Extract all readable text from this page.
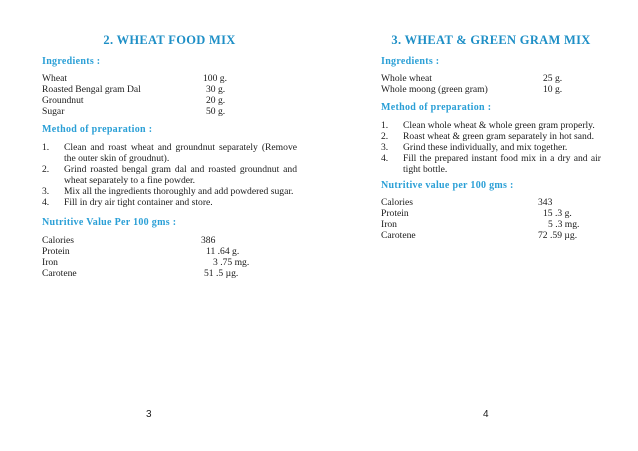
2. WHEAT FOOD MIX
Ingredients :
Wheat	100 g.
Roasted Bengal gram Dal	30 g.
Groundnut	20 g.
Sugar	50 g.
Method of preparation :
1. Clean and roast wheat and groundnut separately (Remove the outer skin of groudnut).
2. Grind roasted bengal gram dal and roasted groundnut and wheat separately to a fine powder.
3. Mix all the ingredients thoroughly and add powdered sugar.
4. Fill in dry air tight container and store.
Nutritive Value Per 100 gms :
Calories	386
Protein	11 .64 g.
Iron	3 .75 mg.
Carotene	51 .5 µg.
3
3. WHEAT & GREEN GRAM MIX
Ingredients :
Whole wheat	25 g.
Whole moong (green gram)	10 g.
Method of preparation :
1. Clean whole wheat & whole green gram properly.
2. Roast wheat & green gram separately in hot sand.
3. Grind these individually, and mix together.
4. Fill the prepared instant food mix in a dry and air tight bottle.
Nutritive value per 100 gms :
Calories	343
Protein	15 .3 g.
Iron	5 .3 mg.
Carotene	72 .59 µg.
4
